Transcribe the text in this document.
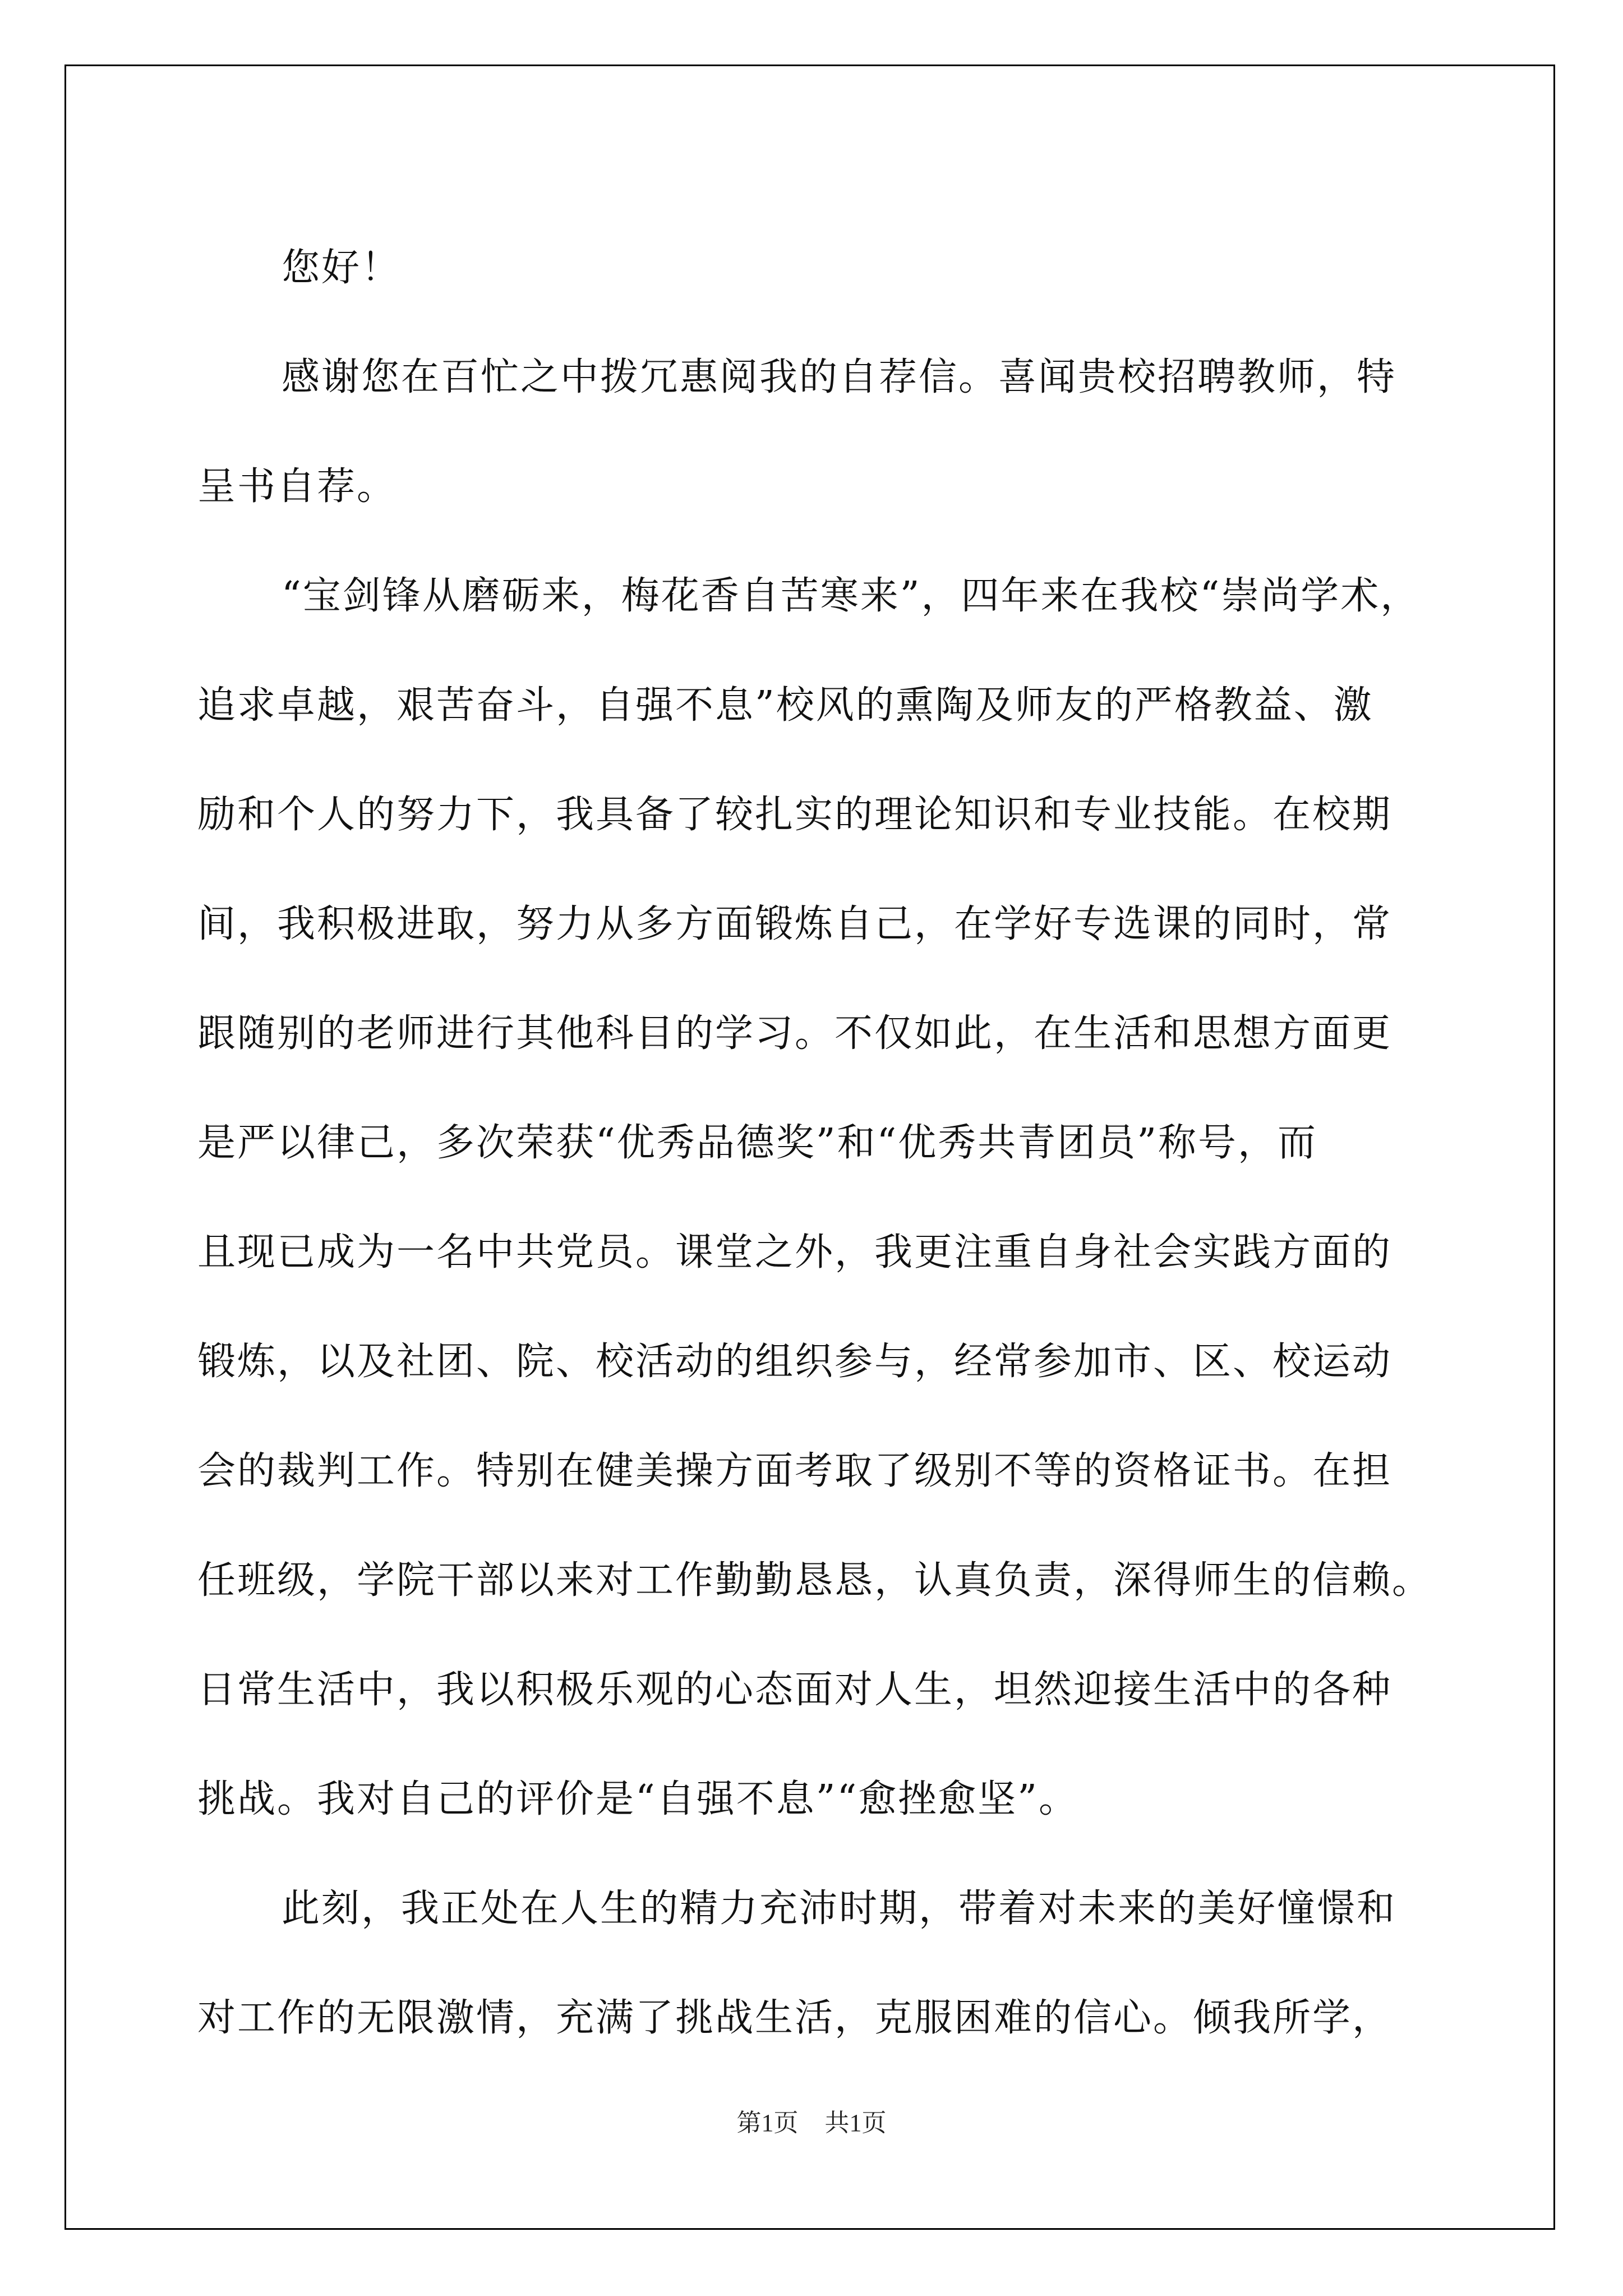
您好！
感谢您在百忙之中拨冗惠阅我的自荐信。喜闻贵校招聘教师，特
呈书自荐。
“宝剑锋从磨砺来，梅花香自苦寒来”，四年来在我校“崇尚学术，
追求卓越，艰苦奋斗，自强不息”校风的熏陶及师友的严格教益、激
励和个人的努力下，我具备了较扎实的理论知识和专业技能。在校期
间，我积极进取，努力从多方面锻炼自己，在学好专选课的同时，常
跟随别的老师进行其他科目的学习。不仅如此，在生活和思想方面更
是严以律己，多次荣获“优秀品德奖”和“优秀共青团员”称号，而
且现已成为一名中共党员。课堂之外，我更注重自身社会实践方面的
锻炼，以及社团、院、校活动的组织参与，经常参加市、区、校运动
会的裁判工作。特别在健美操方面考取了级别不等的资格证书。在担
任班级，学院干部以来对工作勤勤恳恳，认真负责，深得师生的信赖。
日常生活中，我以积极乐观的心态面对人生，坦然迎接生活中的各种
挑战。我对自己的评价是“自强不息”“愈挫愈坚”。
此刻，我正处在人生的精力充沛时期，带着对未来的美好憧憬和
对工作的无限激情，充满了挑战生活，克服困难的信心。倾我所学，
第1页 共1页
